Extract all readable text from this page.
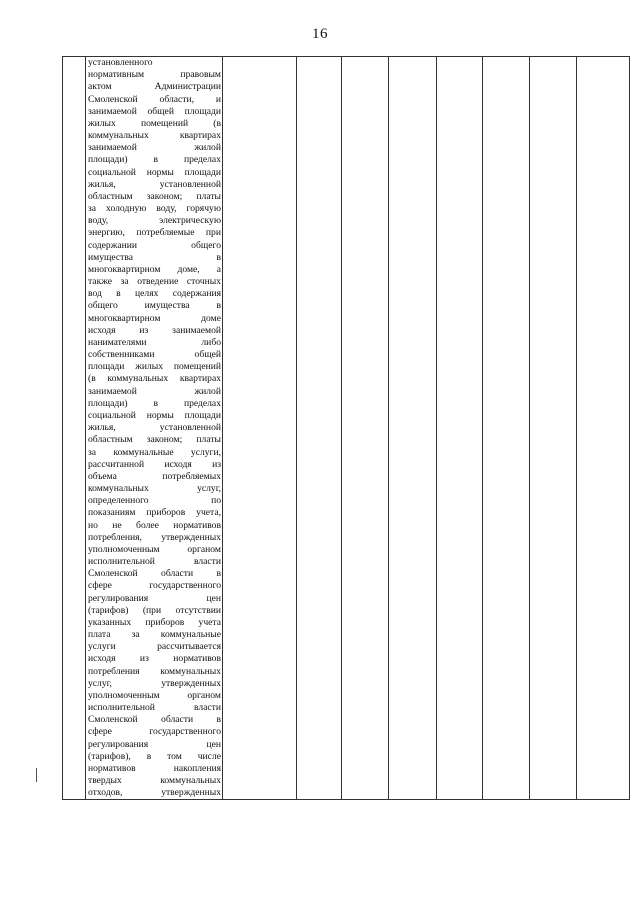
16

установленного
нормативным правовым
актом Администрации
Смоленской области, и
занимаемой общей площади
жилых помещений (в
коммунальных квартирах
занимаемой жилой
площади) в пределах
социальной нормы площади
жилья, установленной
областным законом; платы
за холодную воду, горячую
воду, электрическую
энергию, потребляемые при
содержании общего
имущества в
многоквартирном доме, а
также за отведение сточных
вод в целях содержания
общего имущества в
многоквартирном доме
исходя из занимаемой
нанимателями либо
собственниками общей
площади жилых помещений
(в коммунальных квартирах
занимаемой жилой
площади) в пределах
социальной нормы площади
жилья, установленной
областным законом; платы
за коммунальные услуги,
рассчитанной исходя из
объема потребляемых
коммунальных услуг,
определенного по
показаниям приборов учета,
но не более нормативов
потребления, утвержденных
уполномоченным органом
исполнительной власти
Смоленской области в
сфере государственного
регулирования цен
(тарифов) (при отсутствии
указанных приборов учета
плата за коммунальные
услуги рассчитывается
исходя из нормативов
потребления коммунальных
услуг, утвержденных
уполномоченным органом
исполнительной власти
Смоленской области в
сфере государственного
регулирования цен
(тарифов), в том числе
нормативов накопления
твердых коммунальных
отходов, утвержденных
